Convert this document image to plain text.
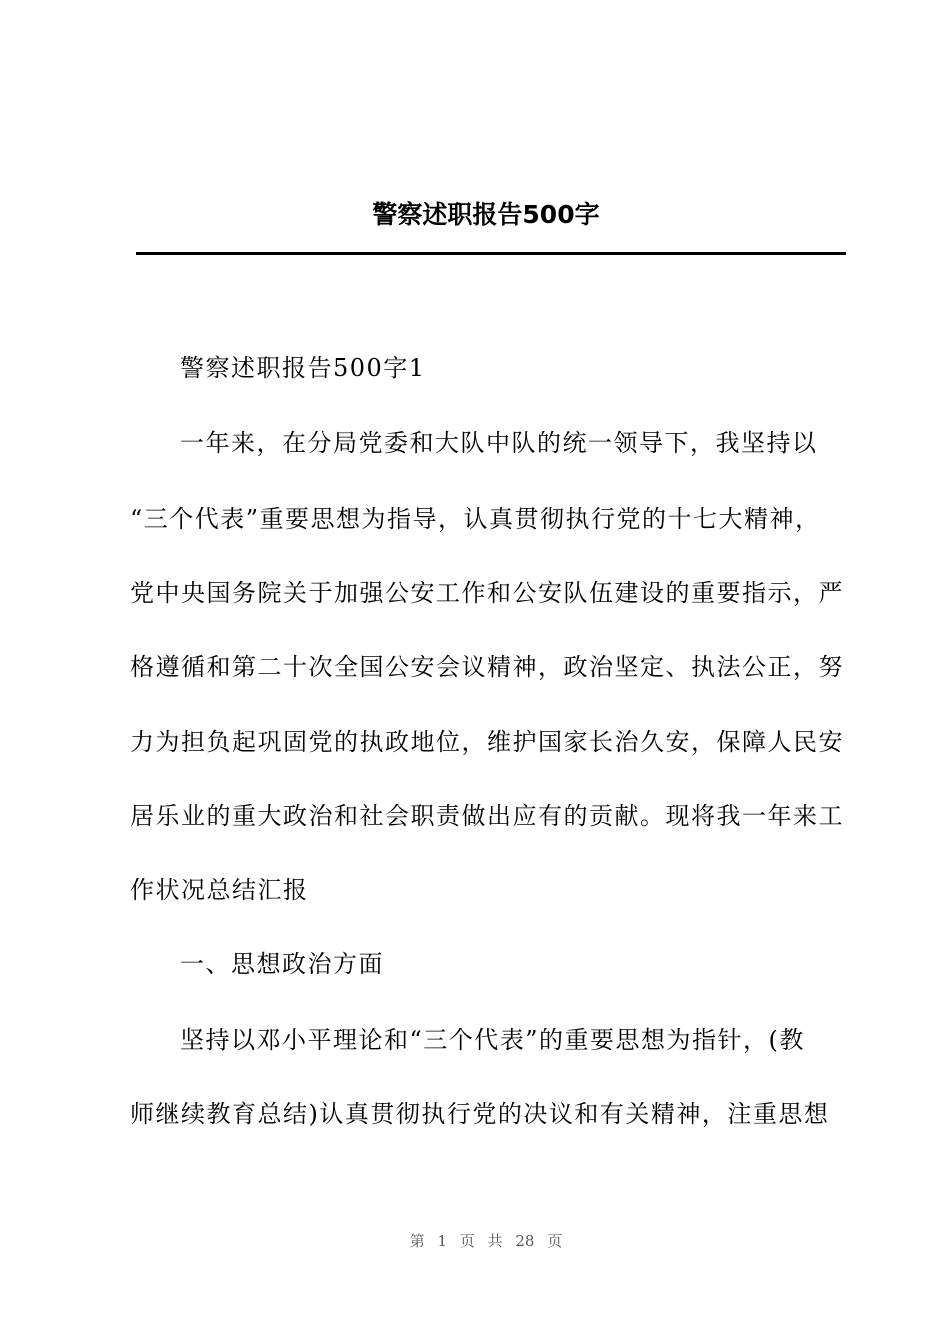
警察述职报告500字
警察述职报告500字1
一年来，在分局党委和大队中队的统一领导下，我坚持以
“三个代表”重要思想为指导，认真贯彻执行党的十七大精神，
党中央国务院关于加强公安工作和公安队伍建设的重要指示，严
格遵循和第二十次全国公安会议精神，政治坚定、执法公正，努
力为担负起巩固党的执政地位，维护国家长治久安，保障人民安
居乐业的重大政治和社会职责做出应有的贡献。现将我一年来工
作状况总结汇报
一、思想政治方面
坚持以邓小平理论和“三个代表”的重要思想为指针，(教
师继续教育总结)认真贯彻执行党的决议和有关精神，注重思想
第 1 页 共 28 页
